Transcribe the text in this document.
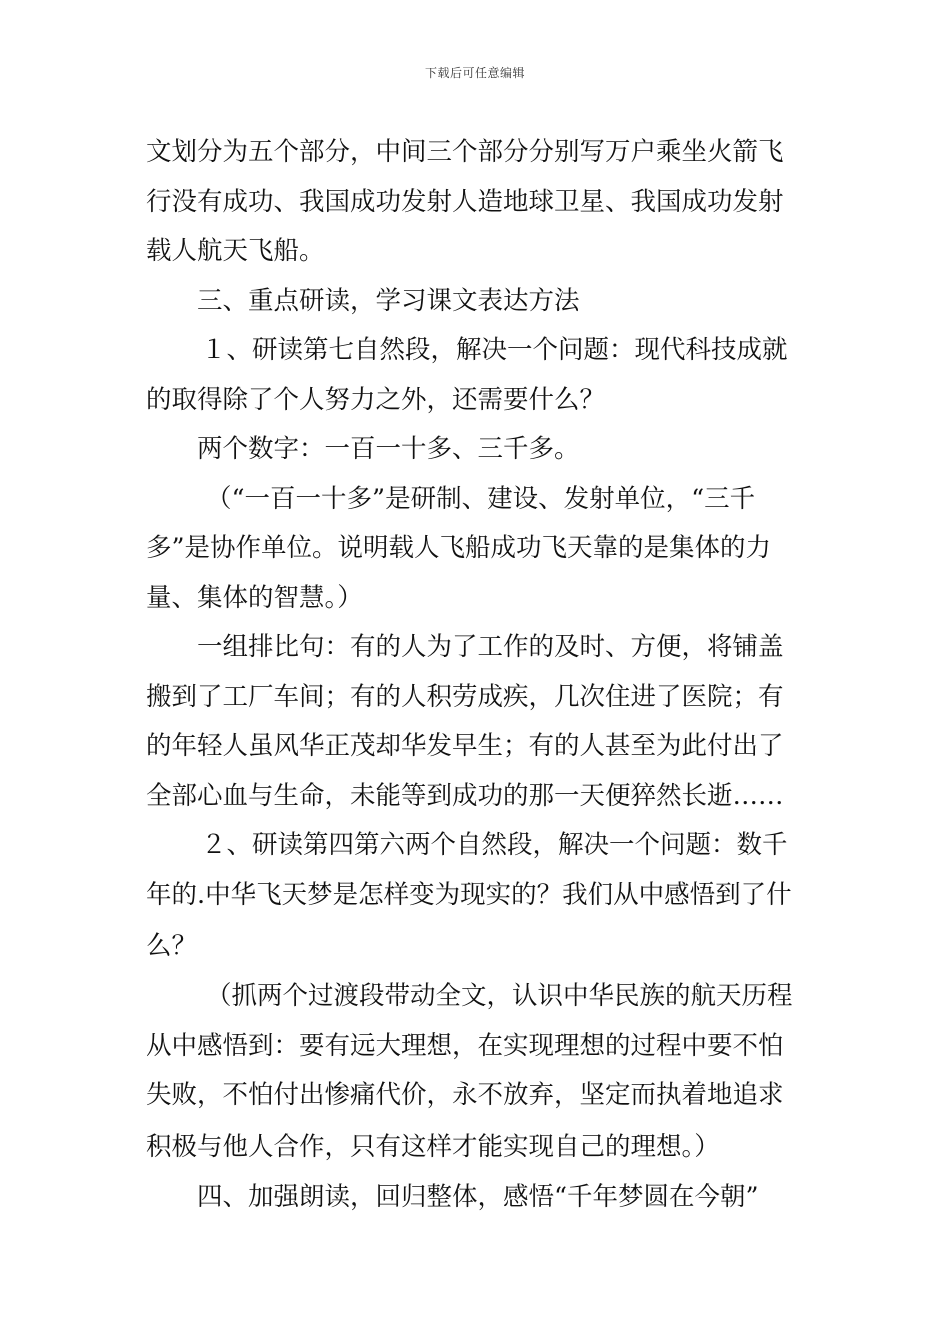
下载后可任意编辑
文划分为五个部分，中间三个部分分别写万户乘坐火箭飞
行没有成功、我国成功发射人造地球卫星、我国成功发射
载人航天飞船。
三、重点研读，学习课文表达方法
１、研读第七自然段，解决一个问题：现代科技成就
的取得除了个人努力之外，还需要什么？
两个数字：一百一十多、三千多。
（“一百一十多”是研制、建设、发射单位，“三千
多”是协作单位。说明载人飞船成功飞天靠的是集体的力
量、集体的智慧。）
一组排比句：有的人为了工作的及时、方便，将铺盖
搬到了工厂车间；有的人积劳成疾，几次住进了医院；有
的年轻人虽风华正茂却华发早生；有的人甚至为此付出了
全部心血与生命，未能等到成功的那一天便猝然长逝……
２、研读第四第六两个自然段，解决一个问题：数千
年的.中华飞天梦是怎样变为现实的？我们从中感悟到了什
么？
（抓两个过渡段带动全文，认识中华民族的航天历程
从中感悟到：要有远大理想，在实现理想的过程中要不怕
失败，不怕付出惨痛代价，永不放弃，坚定而执着地追求
积极与他人合作，只有这样才能实现自己的理想。）
四、加强朗读，回归整体，感悟“千年梦圆在今朝”
